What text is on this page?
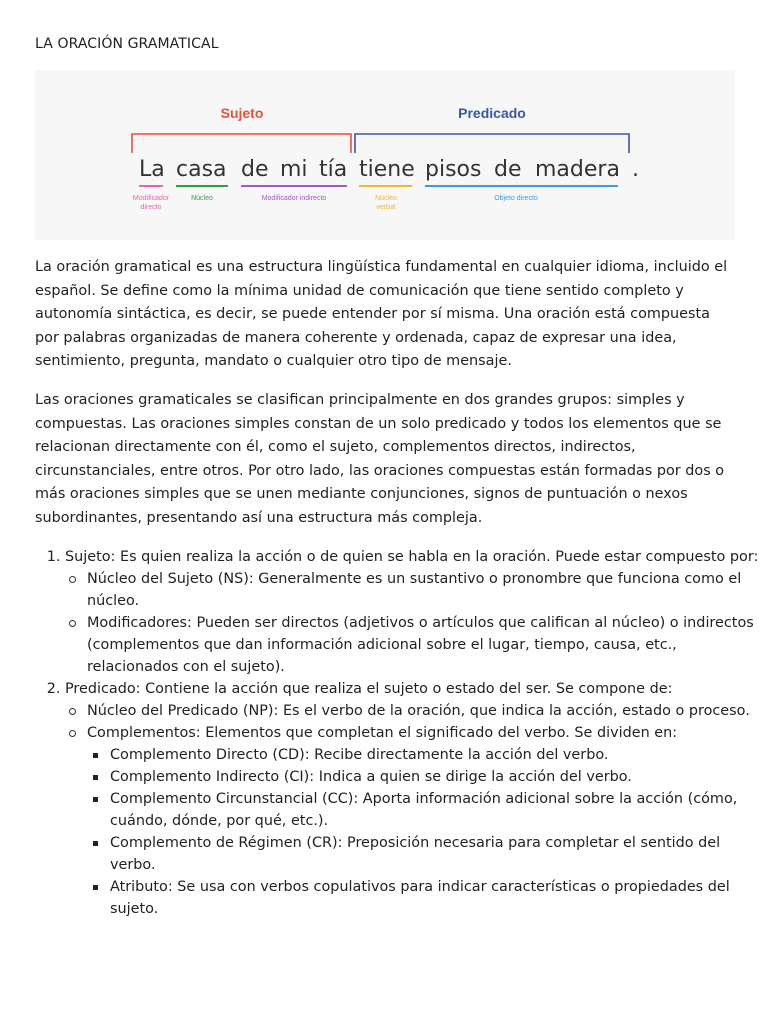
LA ORACIÓN GRAMATICAL
Sujeto	Predicado
La casa de mi tía tiene pisos de madera .
Modificador
directo
Núcleo	Modificador indirecto	Núcleo
verbal
Objeto directo

La oración gramatical es una estructura lingüística fundamental en cualquier idioma, incluido el español. Se define como la mínima unidad de comunicación que tiene sentido completo y autonomía sintáctica, es decir, se puede entender por sí misma. Una oración está compuesta por palabras organizadas de manera coherente y ordenada, capaz de expresar una idea, sentimiento, pregunta, mandato o cualquier otro tipo de mensaje.

Las oraciones gramaticales se clasifican principalmente en dos grandes grupos: simples y compuestas. Las oraciones simples constan de un solo predicado y todos los elementos que se relacionan directamente con él, como el sujeto, complementos directos, indirectos, circunstanciales, entre otros. Por otro lado, las oraciones compuestas están formadas por dos o más oraciones simples que se unen mediante conjunciones, signos de puntuación o nexos subordinantes, presentando así una estructura más compleja.

1. Sujeto: Es quien realiza la acción o de quien se habla en la oración. Puede estar compuesto por:
Núcleo del Sujeto (NS): Generalmente es un sustantivo o pronombre que funciona como el núcleo.
Modificadores: Pueden ser directos (adjetivos o artículos que califican al núcleo) o indirectos (complementos que dan información adicional sobre el lugar, tiempo, causa, etc., relacionados con el sujeto).
2. Predicado: Contiene la acción que realiza el sujeto o estado del ser. Se compone de:
Núcleo del Predicado (NP): Es el verbo de la oración, que indica la acción, estado o proceso.
Complementos: Elementos que completan el significado del verbo. Se dividen en:
Complemento Directo (CD): Recibe directamente la acción del verbo.
Complemento Indirecto (CI): Indica a quien se dirige la acción del verbo.
Complemento Circunstancial (CC): Aporta información adicional sobre la acción (cómo, cuándo, dónde, por qué, etc.).
Complemento de Régimen (CR): Preposición necesaria para completar el sentido del verbo.
Atributo: Se usa con verbos copulativos para indicar características o propiedades del sujeto.
